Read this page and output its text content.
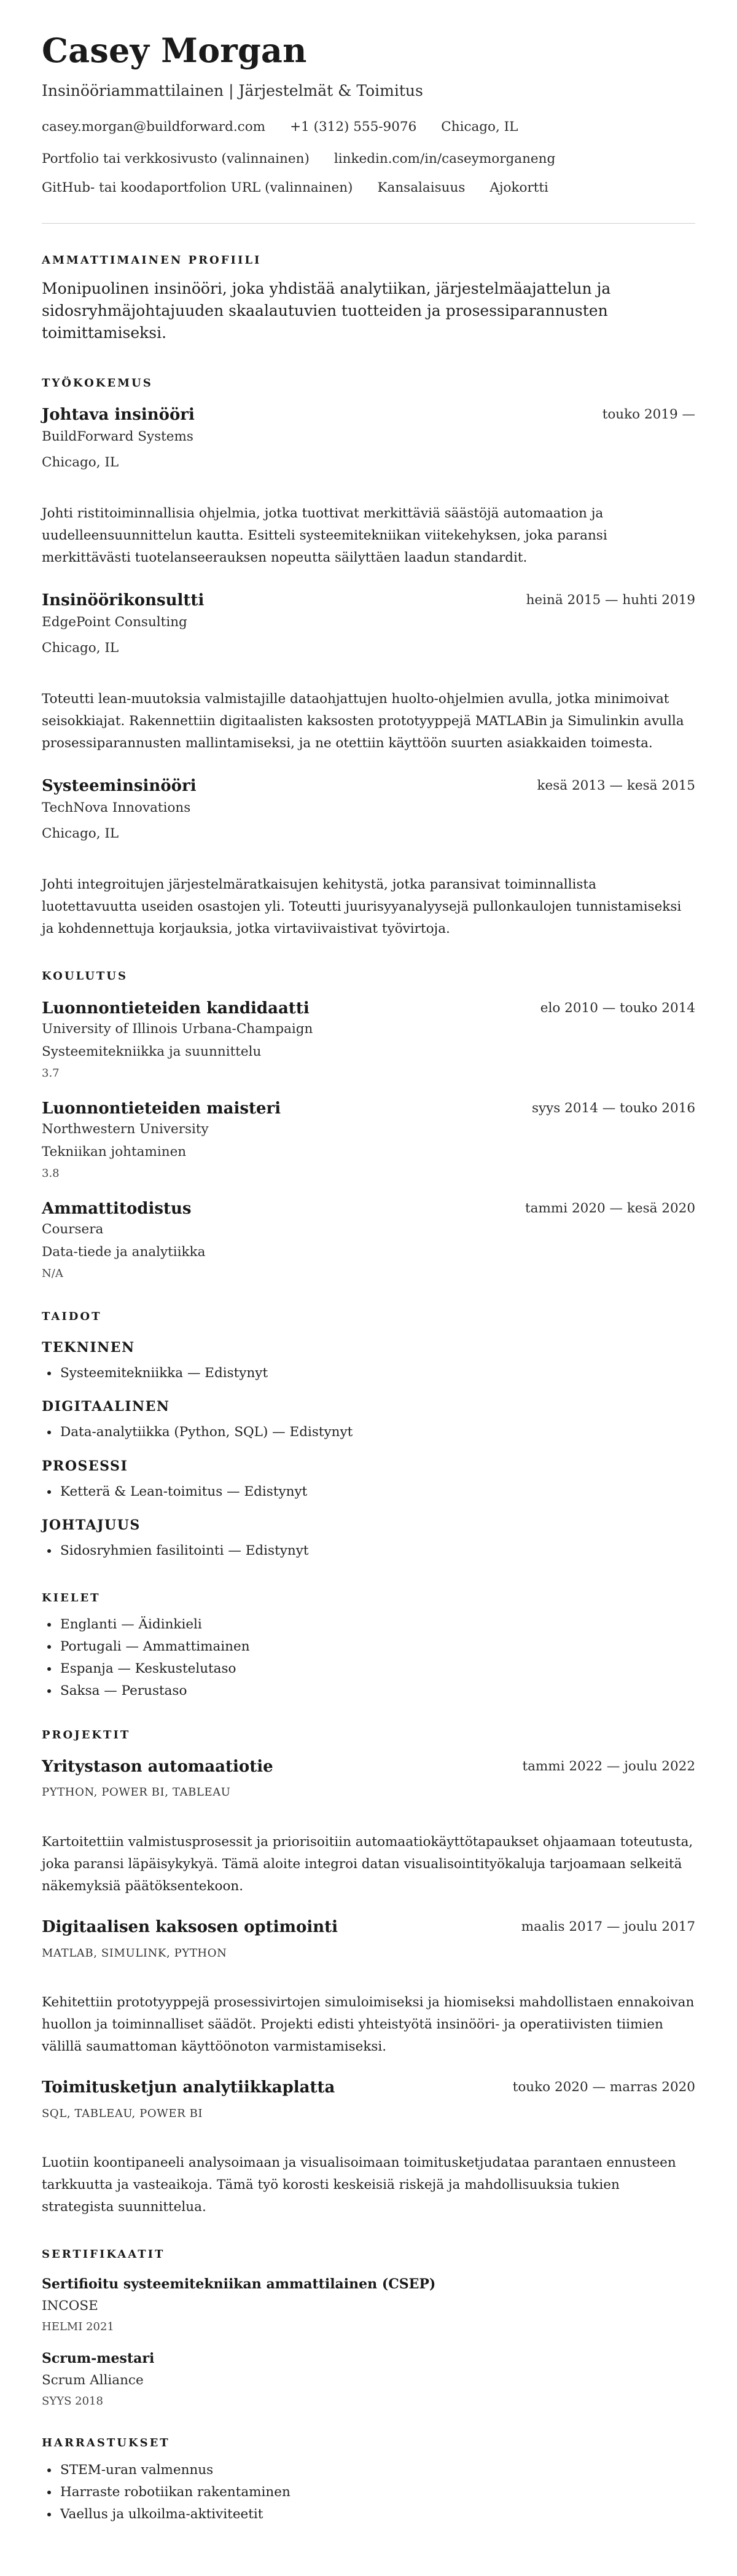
Casey Morgan
Insinööriammattilainen | Järjestelmät & Toimitus
casey.morgan@buildforward.com +1 (312) 555-9076 Chicago, IL
Portfolio tai verkkosivusto (valinnainen) linkedin.com/in/caseymorganeng
GitHub- tai koodaportfolion URL (valinnainen) Kansalaisuus Ajokortti
AMMATTIMAINEN PROFIILI

Monipuolinen insinööri, joka yhdistää analytiikan, järjestelmäajattelun ja sidosryhmäjohtajuuden skaalautuvien tuotteiden ja prosessiparannusten toimittamiseksi.

TYÖKOKEMUS
Johtava insinööri	touko 2019 —
BuildForward Systems
Chicago, IL

Johti ristitoiminnallisia ohjelmia, jotka tuottivat merkittäviä säästöjä automaation ja uudelleensuunnittelun kautta. Esitteli systeemitekniikan viitekehyksen, joka paransi merkittävästi tuotelanseerauksen nopeutta säilyttäen laadun standardit.

Insinöörikonsultti	heinä 2015 — huhti 2019
EdgePoint Consulting
Chicago, IL

Toteutti lean-muutoksia valmistajille dataohjattujen huolto-ohjelmien avulla, jotka minimoivat seisokkiajat. Rakennettiin digitaalisten kaksosten prototyyppejä MATLABin ja Simulinkin avulla prosessiparannusten mallintamiseksi, ja ne otettiin käyttöön suurten asiakkaiden toimesta.

Systeeminsinööri	kesä 2013 — kesä 2015
TechNova Innovations
Chicago, IL

Johti integroitujen järjestelmäratkaisujen kehitystä, jotka paransivat toiminnallista luotettavuutta useiden osastojen yli. Toteutti juurisyyanalyysejä pullonkaulojen tunnistamiseksi ja kohdennettuja korjauksia, jotka virtaviivaistivat työvirtoja.

KOULUTUS
Luonnontieteiden kandidaatti	elo 2010 — touko 2014
University of Illinois Urbana-Champaign
Systeemitekniikka ja suunnittelu
3.7
Luonnontieteiden maisteri	syys 2014 — touko 2016
Northwestern University
Tekniikan johtaminen
3.8
Ammattitodistus	tammi 2020 — kesä 2020
Coursera
Data-tiede ja analytiikka
N/A
TAIDOT
TEKNINEN
• Systeemitekniikka — Edistynyt
DIGITAALINEN
• Data-analytiikka (Python, SQL) — Edistynyt
PROSESSI
• Ketterä & Lean-toimitus — Edistynyt
JOHTAJUUS
• Sidosryhmien fasilitointi — Edistynyt
KIELET
• Englanti — Äidinkieli
• Portugali — Ammattimainen
• Espanja — Keskustelutaso
• Saksa — Perustaso
PROJEKTIT
Yritystason automaatiotie	tammi 2022 — joulu 2022
PYTHON, POWER BI, TABLEAU

Kartoitettiin valmistusprosessit ja priorisoitiin automaatiokäyttötapaukset ohjaamaan toteutusta, joka paransi läpäisykykyä. Tämä aloite integroi datan visualisointityökaluja tarjoamaan selkeitä näkemyksiä päätöksentekoon.

Digitaalisen kaksosen optimointi	maalis 2017 — joulu 2017
MATLAB, SIMULINK, PYTHON

Kehitettiin prototyyppejä prosessivirtojen simuloimiseksi ja hiomiseksi mahdollistaen ennakoivan huollon ja toiminnalliset säädöt. Projekti edisti yhteistyötä insinööri- ja operatiivisten tiimien välillä saumattoman käyttöönoton varmistamiseksi.

Toimitusketjun analytiikkaplatta	touko 2020 — marras 2020
SQL, TABLEAU, POWER BI

Luotiin koontipaneeli analysoimaan ja visualisoimaan toimitusketjudataa parantaen ennusteen tarkkuutta ja vasteaikoja. Tämä työ korosti keskeisiä riskejä ja mahdollisuuksia tukien strategista suunnittelua.

SERTIFIKAATIT
Sertifioitu systeemitekniikan ammattilainen (CSEP)
INCOSE
HELMI 2021
Scrum-mestari
Scrum Alliance
SYYS 2018
HARRASTUKSET
• STEM-uran valmennus
• Harraste robotiikan rakentaminen
• Vaellus ja ulkoilma-aktiviteetit
